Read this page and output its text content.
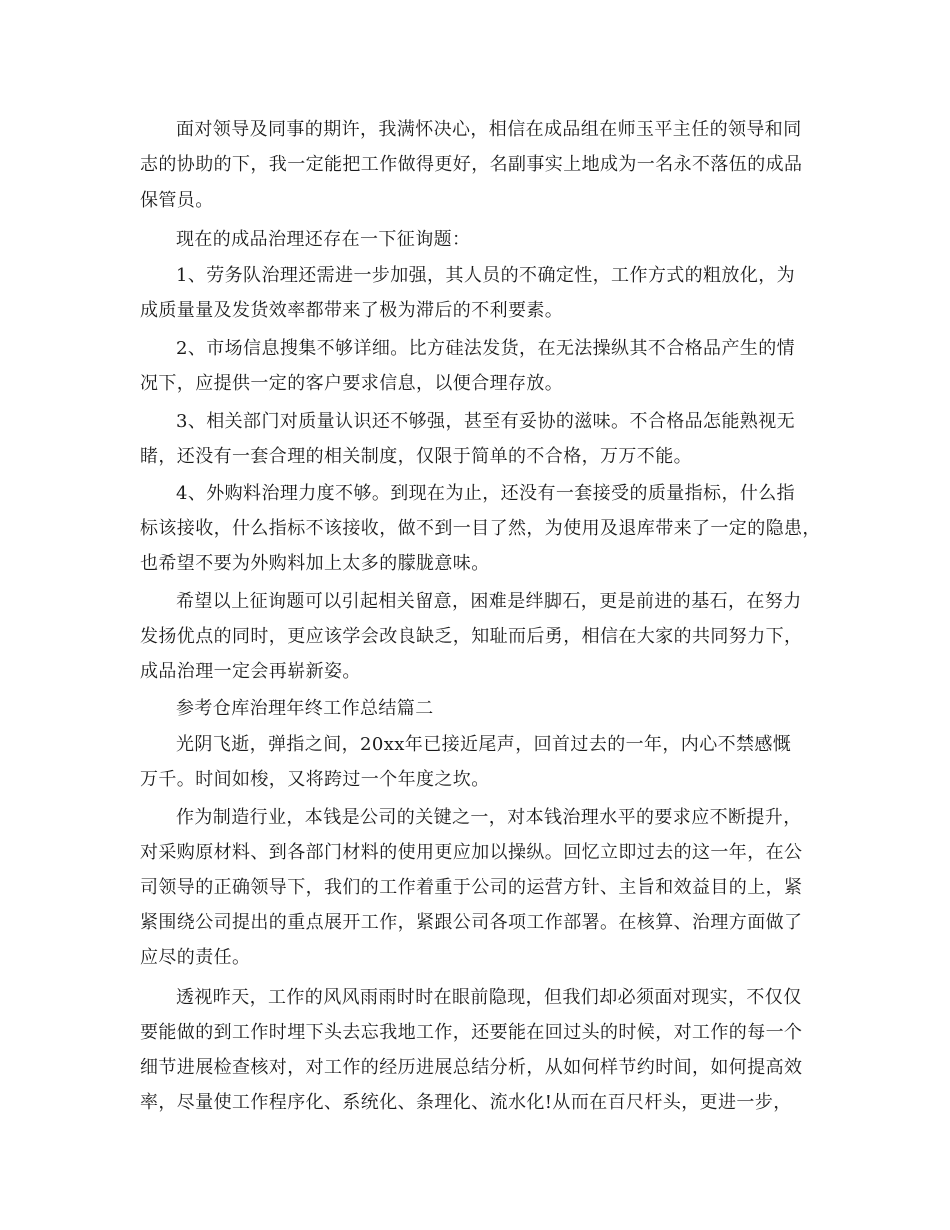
面对领导及同事的期许，我满怀决心，相信在成品组在师玉平主任的领导和同
志的协助的下，我一定能把工作做得更好，名副事实上地成为一名永不落伍的成品
保管员。
现在的成品治理还存在一下征询题：
1、劳务队治理还需进一步加强，其人员的不确定性，工作方式的粗放化，为
成质量量及发货效率都带来了极为滞后的不利要素。
2、市场信息搜集不够详细。比方硅法发货，在无法操纵其不合格品产生的情
况下，应提供一定的客户要求信息，以便合理存放。
3、相关部门对质量认识还不够强，甚至有妥协的滋味。不合格品怎能熟视无
睹，还没有一套合理的相关制度，仅限于简单的不合格，万万不能。
4、外购料治理力度不够。到现在为止，还没有一套接受的质量指标，什么指
标该接收，什么指标不该接收，做不到一目了然，为使用及退库带来了一定的隐患，
也希望不要为外购料加上太多的朦胧意味。
希望以上征询题可以引起相关留意，困难是绊脚石，更是前进的基石，在努力
发扬优点的同时，更应该学会改良缺乏，知耻而后勇，相信在大家的共同努力下，
成品治理一定会再崭新姿。
参考仓库治理年终工作总结篇二
光阴飞逝，弹指之间，20xx年已接近尾声，回首过去的一年，内心不禁感慨
万千。时间如梭，又将跨过一个年度之坎。
作为制造行业，本钱是公司的关键之一，对本钱治理水平的要求应不断提升，
对采购原材料、到各部门材料的使用更应加以操纵。回忆立即过去的这一年，在公
司领导的正确领导下，我们的工作着重于公司的运营方针、主旨和效益目的上，紧
紧围绕公司提出的重点展开工作，紧跟公司各项工作部署。在核算、治理方面做了
应尽的责任。
透视昨天，工作的风风雨雨时时在眼前隐现，但我们却必须面对现实，不仅仅
要能做的到工作时埋下头去忘我地工作，还要能在回过头的时候，对工作的每一个
细节进展检查核对，对工作的经历进展总结分析，从如何样节约时间，如何提高效
率，尽量使工作程序化、系统化、条理化、流水化!从而在百尺杆头，更进一步，
